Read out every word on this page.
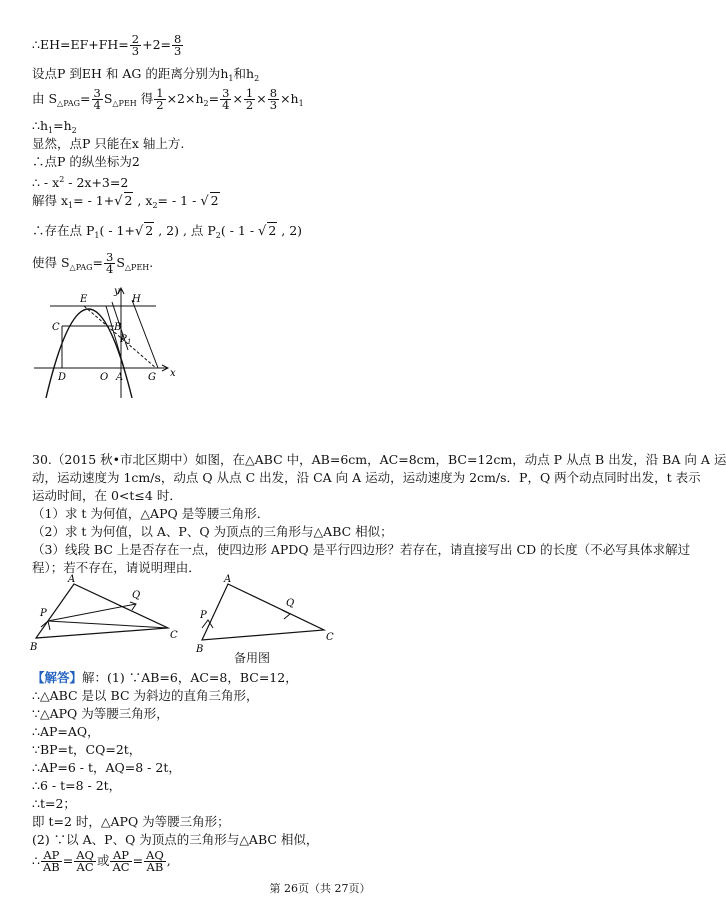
∴EH=EF+FH= $\frac{2}{3} +2= \frac{8}{3}$
设点P 到EH 和 AG 的距离分别为$h_1$和$h_2$
由 $S_{\triangle PAG}= \frac{3}{4} S_{\triangle PEH}$ 得 $\frac{1}{2} \times 2\times h_2= \frac{3}{4} \times \frac{1}{2} \times \frac{8}{3} \times h_1$
$\therefore h_1=h_2$
显然，点P 只能在x 轴上方.
∴点P 的纵坐标为2
∴ - $x^2 - 2x+3=2$
解得 $x_1= - 1+√$ 2 , $x_2= - 1$ - √ 2
∴存在点 $P_1( - 1+√$ 2 , 2) , 点 $P_2( - 1$ - √ 2 , 2)
使得 $S_{\triangle PAG}= \frac{3}{4} S_{\triangle PEH}$.
E
y
H
C	B
P 1
D	O A G x
30.（2015 秋•市北区期中）如图，在△ABC 中，AB=6cm，AC=8cm，BC=12cm，动点 P 从点 B 出发，沿 BA 向 A 运
动，运动速度为 1cm/s，动点 Q 从点 C 出发，沿 CA 向 A 运动，运动速度为 2cm/s．P，Q 两个动点同时出发，t 表示
运动时间，在 0<t≤4 时．
（1）求 t 为何值，△APQ 是等腰三角形．
（2）求 t 为何值，以 A、P、Q 为顶点的三角形与△ABC 相似；
（3）线段 BC 上是否存在一点，使四边形 APDQ 是平行四边形？若存在，请直接写出 CD 的长度（不必写具体求解过
程）；若不存在，请说明理由．
A
P
Q
B
C
A
P
Q
B
C
备用图
【解答】解：(1) ∵AB=6，AC=8，BC=12，
∴△ABC 是以 BC 为斜边的直角三角形，
∵△APQ 为等腰三角形，
∴AP=AQ，
∵BP=t，CQ=2t，
∴AP=6 - t，AQ=8 - 2t，
∴6 - t=8 - 2t，
∴t=2；
即 t=2 时，△APQ 为等腰三角形；
(2) ∵以 A、P、Q 为顶点的三角形与△ABC 相似，
∴ $\frac{AP}{AB} = \frac{AQ}{AC}$ 或 $\frac{AP}{AC} = \frac{AQ}{AB}$ ,
第 26页（共 27页）
